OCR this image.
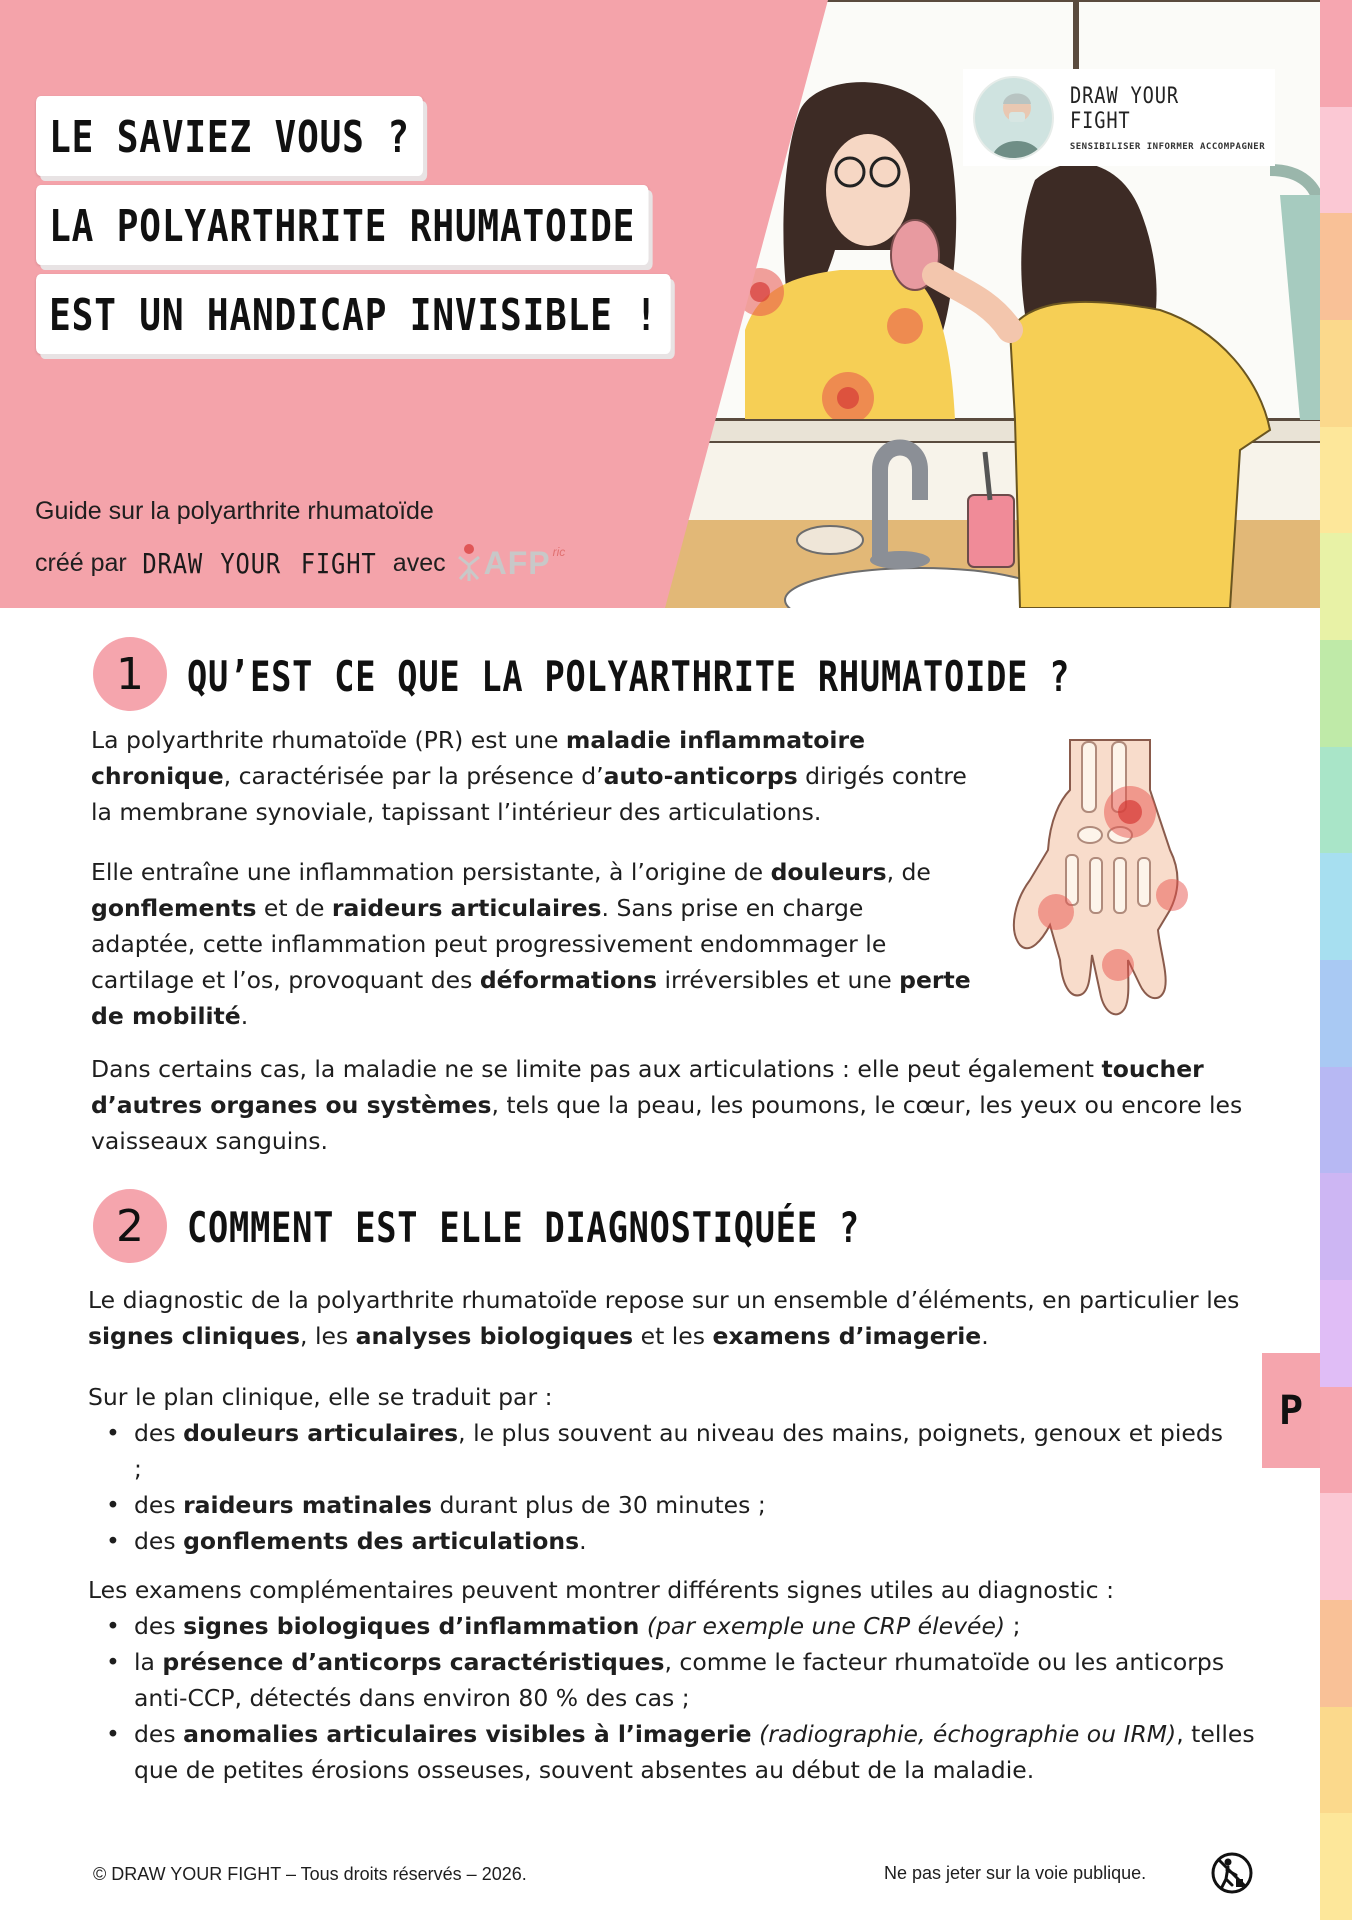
LE SAVIEZ VOUS ?
LA POLYARTHRITE RHUMATOIDE
EST UN HANDICAP INVISIBLE !
Guide sur la polyarthrite rhumatoïde
créé par DRAW YOUR FIGHT avec AFP ric
DRAW YOUR FIGHT
SENSIBILISER INFORMER ACCOMPAGNER
1	QU’EST CE QUE LA POLYARTHRITE RHUMATOIDE ?

La polyarthrite rhumatoïde (PR) est une maladie inflammatoire chronique, caractérisée par la présence d’auto-anticorps dirigés contre la membrane synoviale, tapissant l’intérieur des articulations.

Elle entraîne une inflammation persistante, à l’origine de douleurs, de gonflements et de raideurs articulaires. Sans prise en charge adaptée, cette inflammation peut progressivement endommager le cartilage et l’os, provoquant des déformations irréversibles et une perte de mobilité.

Dans certains cas, la maladie ne se limite pas aux articulations : elle peut également toucher d’autres organes ou systèmes, tels que la peau, les poumons, le cœur, les yeux ou encore les vaisseaux sanguins.

2	COMMENT EST ELLE DIAGNOSTIQUÉE ?

Le diagnostic de la polyarthrite rhumatoïde repose sur un ensemble d’éléments, en particulier les signes cliniques, les analyses biologiques et les examens d’imagerie.

Sur le plan clinique, elle se traduit par :

• des douleurs articulaires, le plus souvent au niveau des mains, poignets, genoux et pieds ;
• des raideurs matinales durant plus de 30 minutes ;
• des gonflements des articulations.

Les examens complémentaires peuvent montrer différents signes utiles au diagnostic :

• des signes biologiques d’inflammation (par exemple une CRP élevée) ;
• la présence d’anticorps caractéristiques, comme le facteur rhumatoïde ou les anticorps anti-CCP, détectés dans environ 80 % des cas ;
• des anomalies articulaires visibles à l’imagerie (radiographie, échographie ou IRM), telles que de petites érosions osseuses, souvent absentes au début de la maladie.
P
© DRAW YOUR FIGHT – Tous droits réservés – 2026.	Ne pas jeter sur la voie publique.
